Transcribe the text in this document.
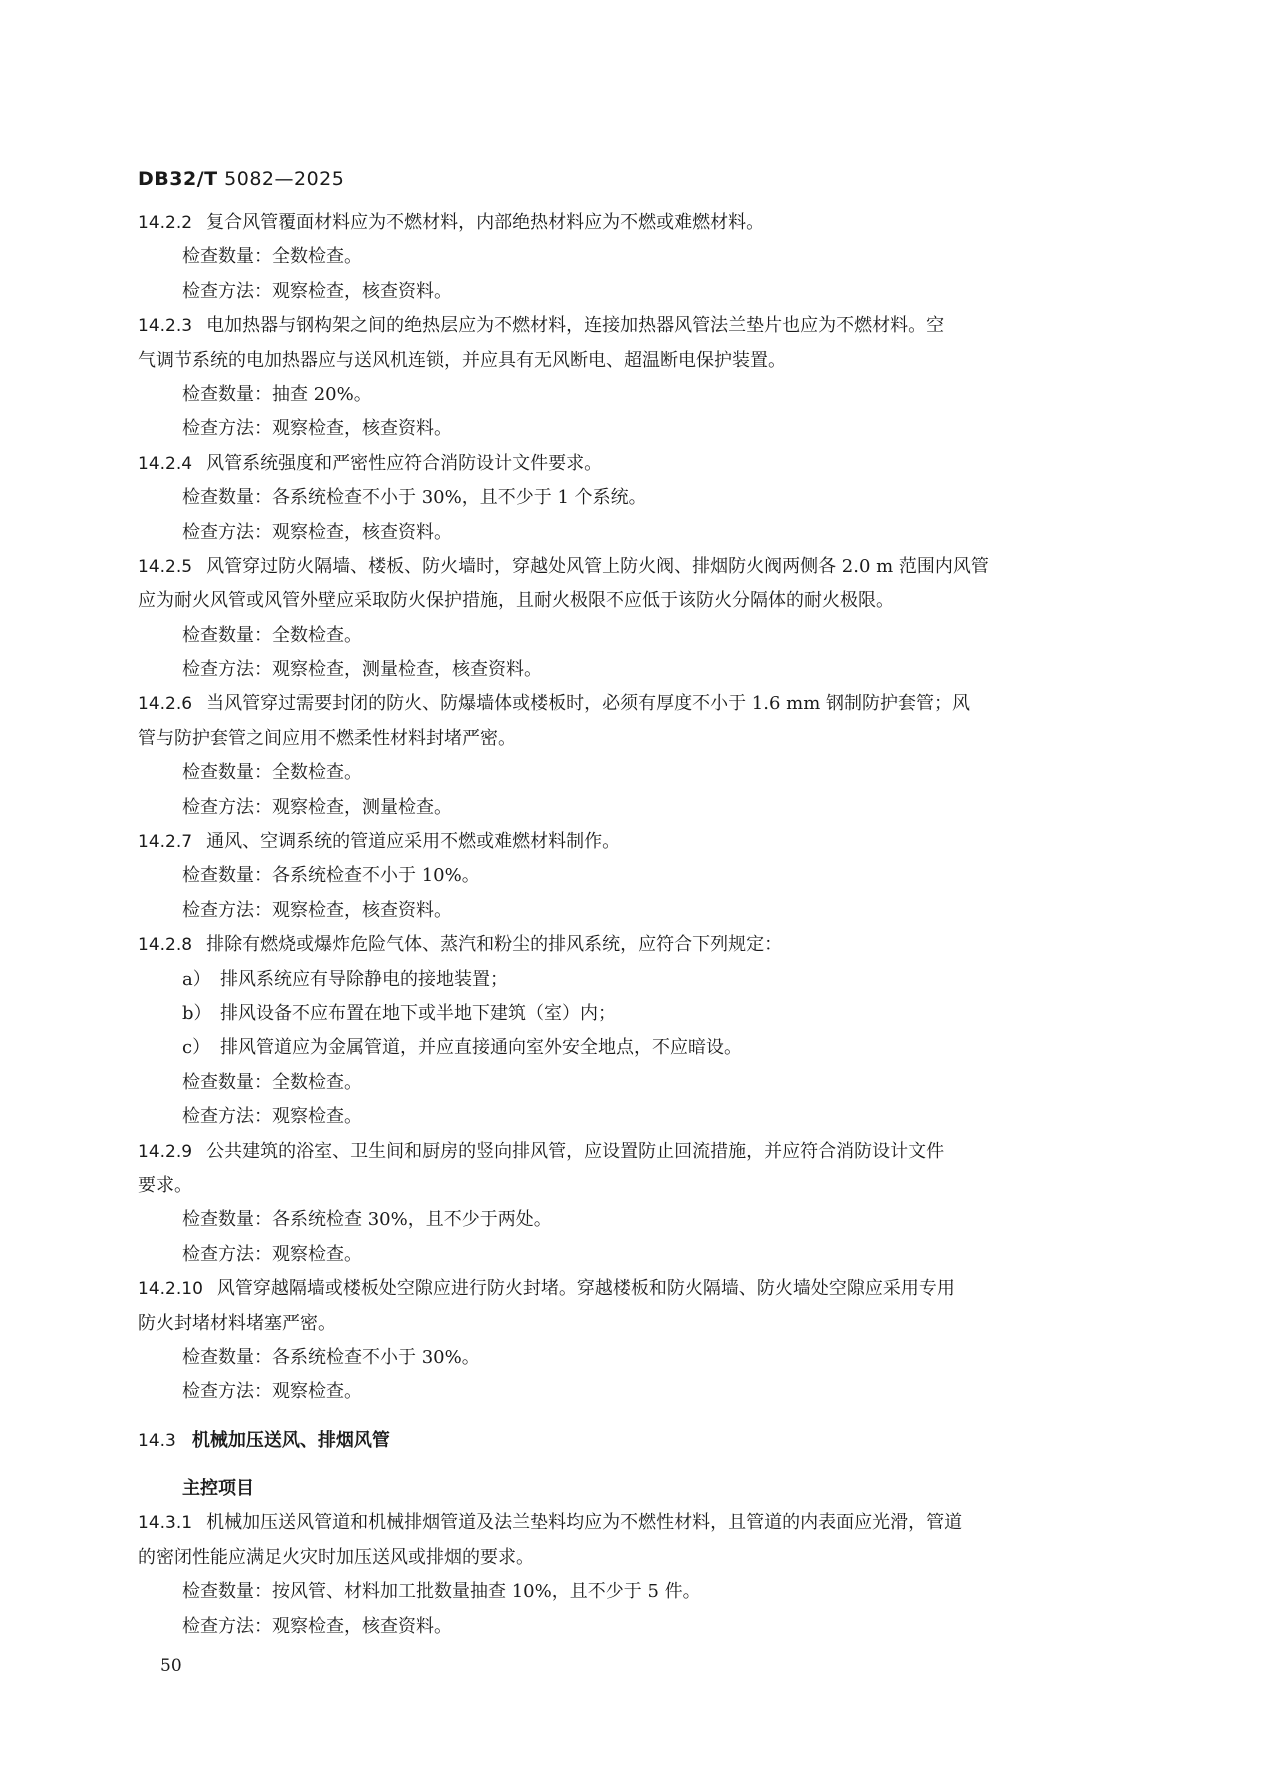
DB32/T 5082—2025
14.2.2 复合风管覆面材料应为不燃材料，内部绝热材料应为不燃或难燃材料。
检查数量：全数检查。
检查方法：观察检查，核查资料。
14.2.3 电加热器与钢构架之间的绝热层应为不燃材料，连接加热器风管法兰垫片也应为不燃材料。空
气调节系统的电加热器应与送风机连锁，并应具有无风断电、超温断电保护装置。
检查数量：抽查 20%。
检查方法：观察检查，核查资料。
14.2.4 风管系统强度和严密性应符合消防设计文件要求。
检查数量：各系统检查不小于 30%，且不少于 1 个系统。
检查方法：观察检查，核查资料。
14.2.5 风管穿过防火隔墙、楼板、防火墙时，穿越处风管上防火阀、排烟防火阀两侧各 2.0 m 范围内风管
应为耐火风管或风管外壁应采取防火保护措施，且耐火极限不应低于该防火分隔体的耐火极限。
检查数量：全数检查。
检查方法：观察检查，测量检查，核查资料。
14.2.6 当风管穿过需要封闭的防火、防爆墙体或楼板时，必须有厚度不小于 1.6 mm 钢制防护套管；风
管与防护套管之间应用不燃柔性材料封堵严密。
检查数量：全数检查。
检查方法：观察检查，测量检查。
14.2.7 通风、空调系统的管道应采用不燃或难燃材料制作。
检查数量：各系统检查不小于 10%。
检查方法：观察检查，核查资料。
14.2.8 排除有燃烧或爆炸危险气体、蒸汽和粉尘的排风系统，应符合下列规定：
a） 排风系统应有导除静电的接地装置；
b） 排风设备不应布置在地下或半地下建筑（室）内；
c） 排风管道应为金属管道，并应直接通向室外安全地点，不应暗设。
检查数量：全数检查。
检查方法：观察检查。
14.2.9 公共建筑的浴室、卫生间和厨房的竖向排风管，应设置防止回流措施，并应符合消防设计文件
要求。
检查数量：各系统检查 30%，且不少于两处。
检查方法：观察检查。
14.2.10 风管穿越隔墙或楼板处空隙应进行防火封堵。穿越楼板和防火隔墙、防火墙处空隙应采用专用
防火封堵材料堵塞严密。
检查数量：各系统检查不小于 30%。
检查方法：观察检查。
14.3 机械加压送风、排烟风管
主控项目
14.3.1 机械加压送风管道和机械排烟管道及法兰垫料均应为不燃性材料，且管道的内表面应光滑，管道
的密闭性能应满足火灾时加压送风或排烟的要求。
检查数量：按风管、材料加工批数量抽查 10%，且不少于 5 件。
检查方法：观察检查，核查资料。
50
